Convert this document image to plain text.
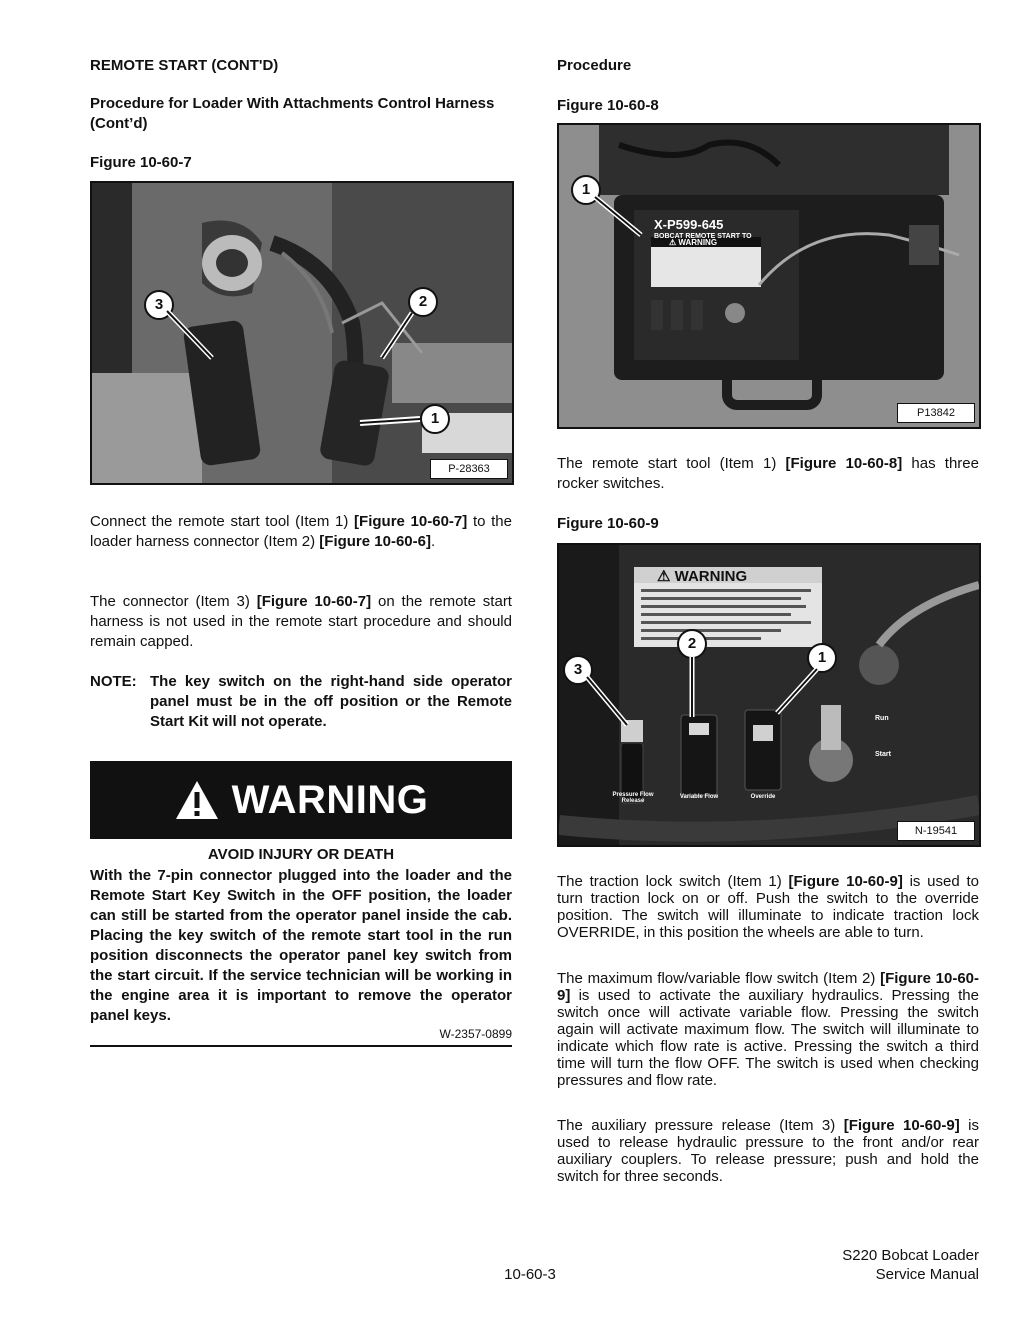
REMOTE START (CONT'D)
Procedure for Loader With Attachments Control Harness (Cont’d)
Figure 10-60-7
3	2
1
P-28363
Connect the remote start tool (Item 1) [Figure 10-60-7] to the loader harness connector (Item 2) [Figure 10-60-6].
The connector (Item 3) [Figure 10-60-7] on the remote start harness is not used in the remote start procedure and should remain capped.
NOTE: The key switch on the right-hand side operator panel must be in the off position or the Remote Start Kit will not operate.
WARNING
AVOID INJURY OR DEATH
With the 7-pin connector plugged into the loader and the Remote Start Key Switch in the OFF position, the loader can still be started from the operator panel inside the cab. Placing the key switch of the remote start tool in the run position disconnects the operator panel key switch from the start circuit. If the service technician will be working in the engine area it is important to remove the operator panel keys.
W-2357-0899
Procedure
Figure 10-60-8
X-P599-645
BOBCAT REMOTE START TO
⚠ WARNING
1
P13842
The remote start tool (Item 1) [Figure 10-60-8] has three rocker switches.
Figure 10-60-9
⚠ WARNING
Pressure Flow Release
Variable Flow	Override
Run
Start
3
2
1
N-19541
The traction lock switch (Item 1) [Figure 10-60-9] is used to turn traction lock on or off. Push the switch to the override position. The switch will illuminate to indicate traction lock OVERRIDE, in this position the wheels are able to turn.
The maximum flow/variable flow switch (Item 2) [Figure 10-60-9] is used to activate the auxiliary hydraulics. Pressing the switch once will activate variable flow. Pressing the switch again will activate maximum flow. The switch will illuminate to indicate which flow rate is active. Pressing the switch a third time will turn the flow OFF. The switch is used when checking pressures and flow rate.
The auxiliary pressure release (Item 3) [Figure 10-60-9] is used to release hydraulic pressure to the front and/or rear auxiliary couplers. To release pressure; push and hold the switch for three seconds.
10-60-3
S220 Bobcat Loader
Service Manual
